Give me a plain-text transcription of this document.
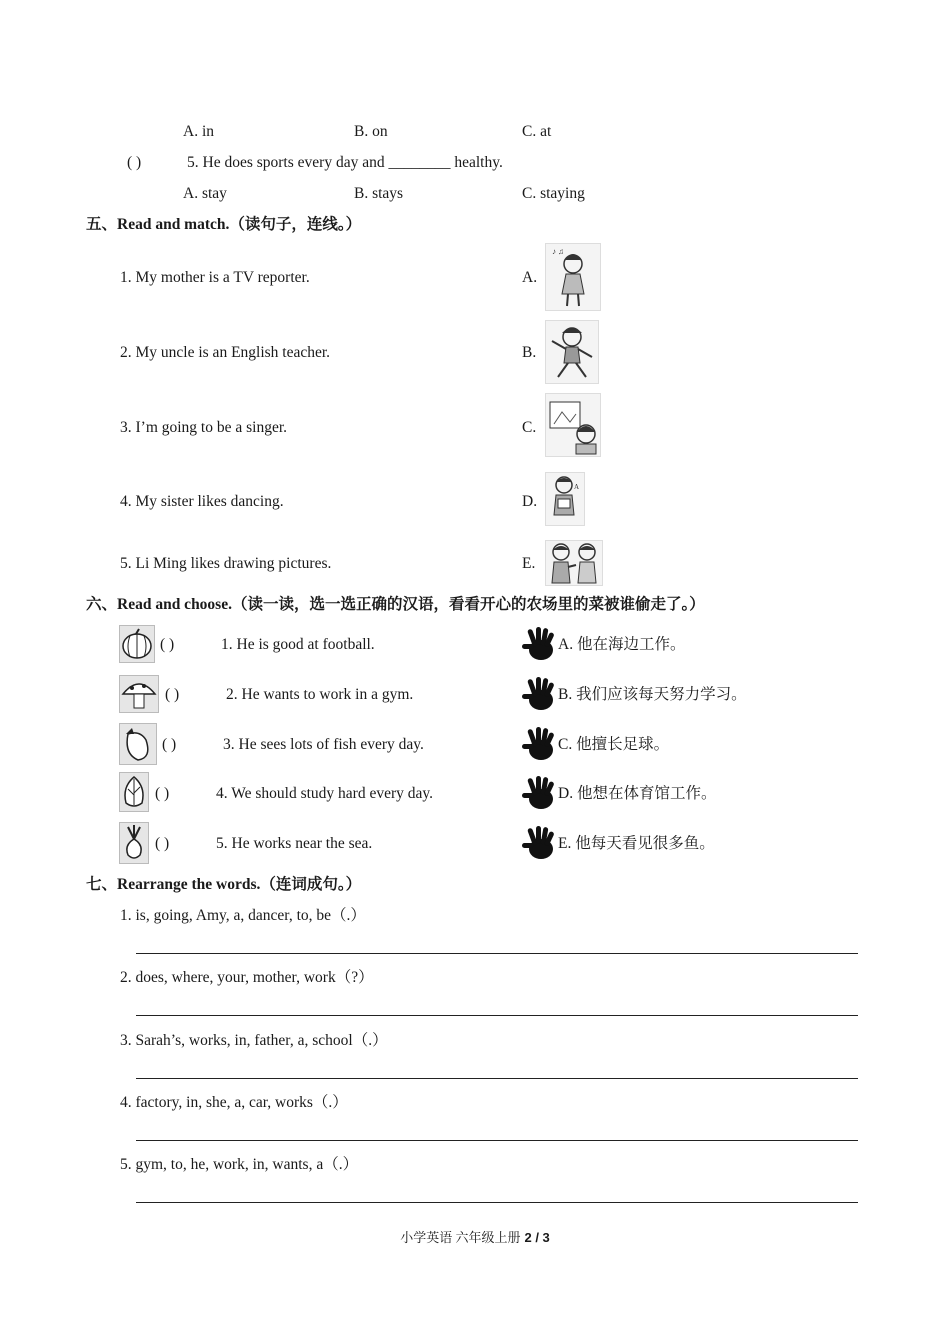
A. in	B. on	C. at
( )	5. He does sports every day and ________ healthy.
A. stay	B. stays	C. staying
五、Read and match.（读句子，连线。）
1. My mother is a TV reporter.
2. My uncle is an English teacher.
3. I’m going to be a singer.
4. My sister likes dancing.
5. Li Ming likes drawing pictures.
A.
B.
C.
D.
E.
♪ ♫
A
六、Read and choose.（读一读，选一选正确的汉语，看看开心的农场里的菜被谁偷走了。）
( )	1. He is good at football.
( )	2. He wants to work in a gym.
( )	3. He sees lots of fish every day.
( )	4. We should study hard every day.
( )	5. He works near the sea.
A. 他在海边工作。
B. 我们应该每天努力学习。
C. 他擅长足球。
D. 他想在体育馆工作。
E. 他每天看见很多鱼。
七、Rearrange the words.（连词成句。）
1. is, going, Amy, a, dancer, to, be（.）
2. does, where, your, mother, work（?）
3. Sarah’s, works, in, father, a, school（.）
4. factory, in, she, a, car, works（.）
5. gym, to, he, work, in, wants, a（.）
小学英语 六年级上册 2 / 3
